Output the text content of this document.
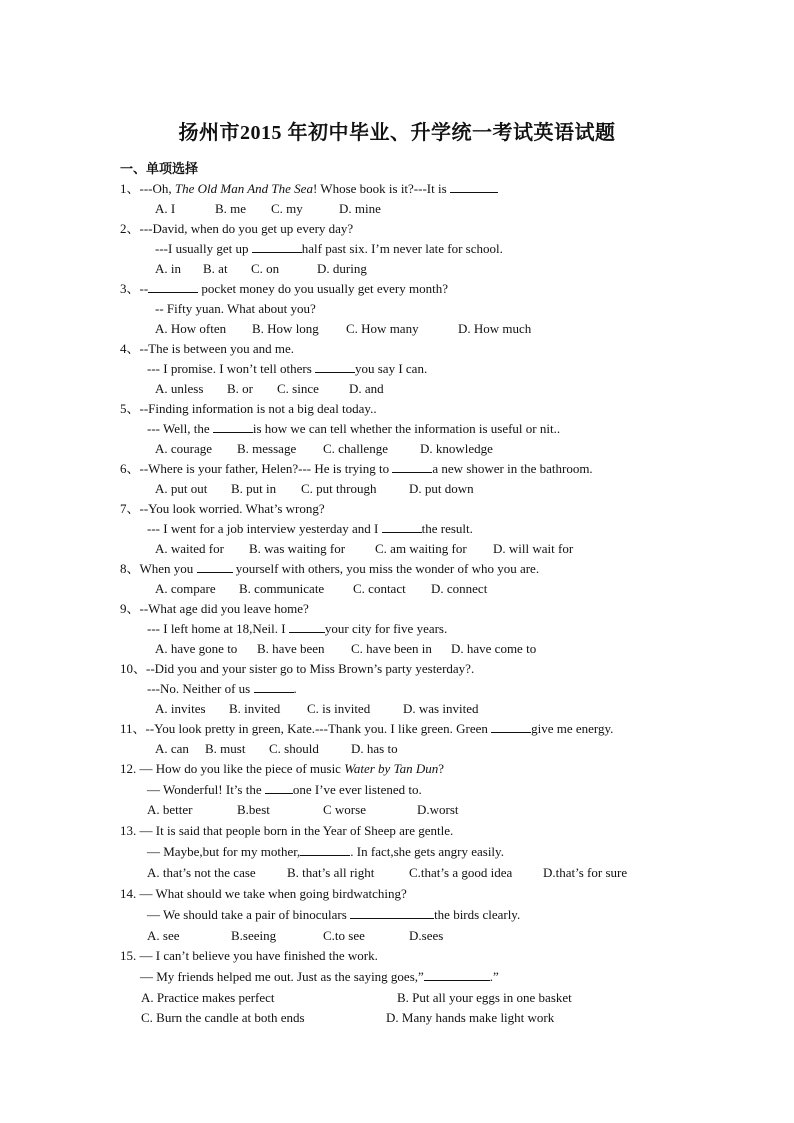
扬州市2015 年初中毕业、升学统一考试英语试题
一、单项选择
1、---Oh, The Old Man And The Sea! Whose book is it?---It is
A. I	B. me C. my	D. mine
2、---David, when do you get up every day?
---I usually get up	half past six. I’m never late for school.
A. in B. at C. on	D. during
3、--	pocket money do you usually get every month?
-- Fifty yuan. What about you?
A. How often B. How long C. How many	D. How much
4、--The is between you and me.
--- I promise. I won’t tell others	you say I can.
A. unless B. or C. since D. and
5、--Finding information is not a big deal today..
--- Well, the	is how we can tell whether the information is useful or nit..
A. courage B. message C. challenge D. knowledge
6、--Where is your father, Helen?--- He is trying to	a new shower in the bathroom.
A. put out B. put in C. put through	D. put down
7、--You look worried. What’s wrong?
--- I went for a job interview yesterday and I	the result.
A. waited for B. was waiting for C. am waiting for D. will wait for
8、When you	yourself with others, you miss the wonder of who you are.
A. compare B. communicate C. contact D. connect
9、--What age did you leave home?
--- I left home at 18,Neil. I	your city for five years.
A. have gone to B. have been C. have been in D. have come to
10、--Did you and your sister go to Miss Brown’s party yesterday?.
---No. Neither of us	.
A. invites B. invited C. is invited	D. was invited
11、--You look pretty in green, Kate.---Thank you. I like green. Green	give me energy.
A. can B. must C. should D. has to
12. — How do you like the piece of music Water by Tan Dun?
— Wonderful! It’s the one I’ve ever listened to.
A. better	B.best	C worse	D.worst
13. — It is said that people born in the Year of Sheep are gentle.
— Maybe,but for my mother,	. In fact,she gets angry easily.
A. that’s not the case B. that’s all right	C.that’s a good idea D.that’s for sure
14. — What should we take when going birdwatching?
— We should take a pair of binoculars	the birds clearly.
A. see	B.seeing	C.to see	D.sees
15. — I can’t believe you have finished the work.
— My friends helped me out. Just as the saying goes,”	.”
A. Practice makes perfect	B. Put all your eggs in one basket
C. Burn the candle at both ends	D. Many hands make light work
